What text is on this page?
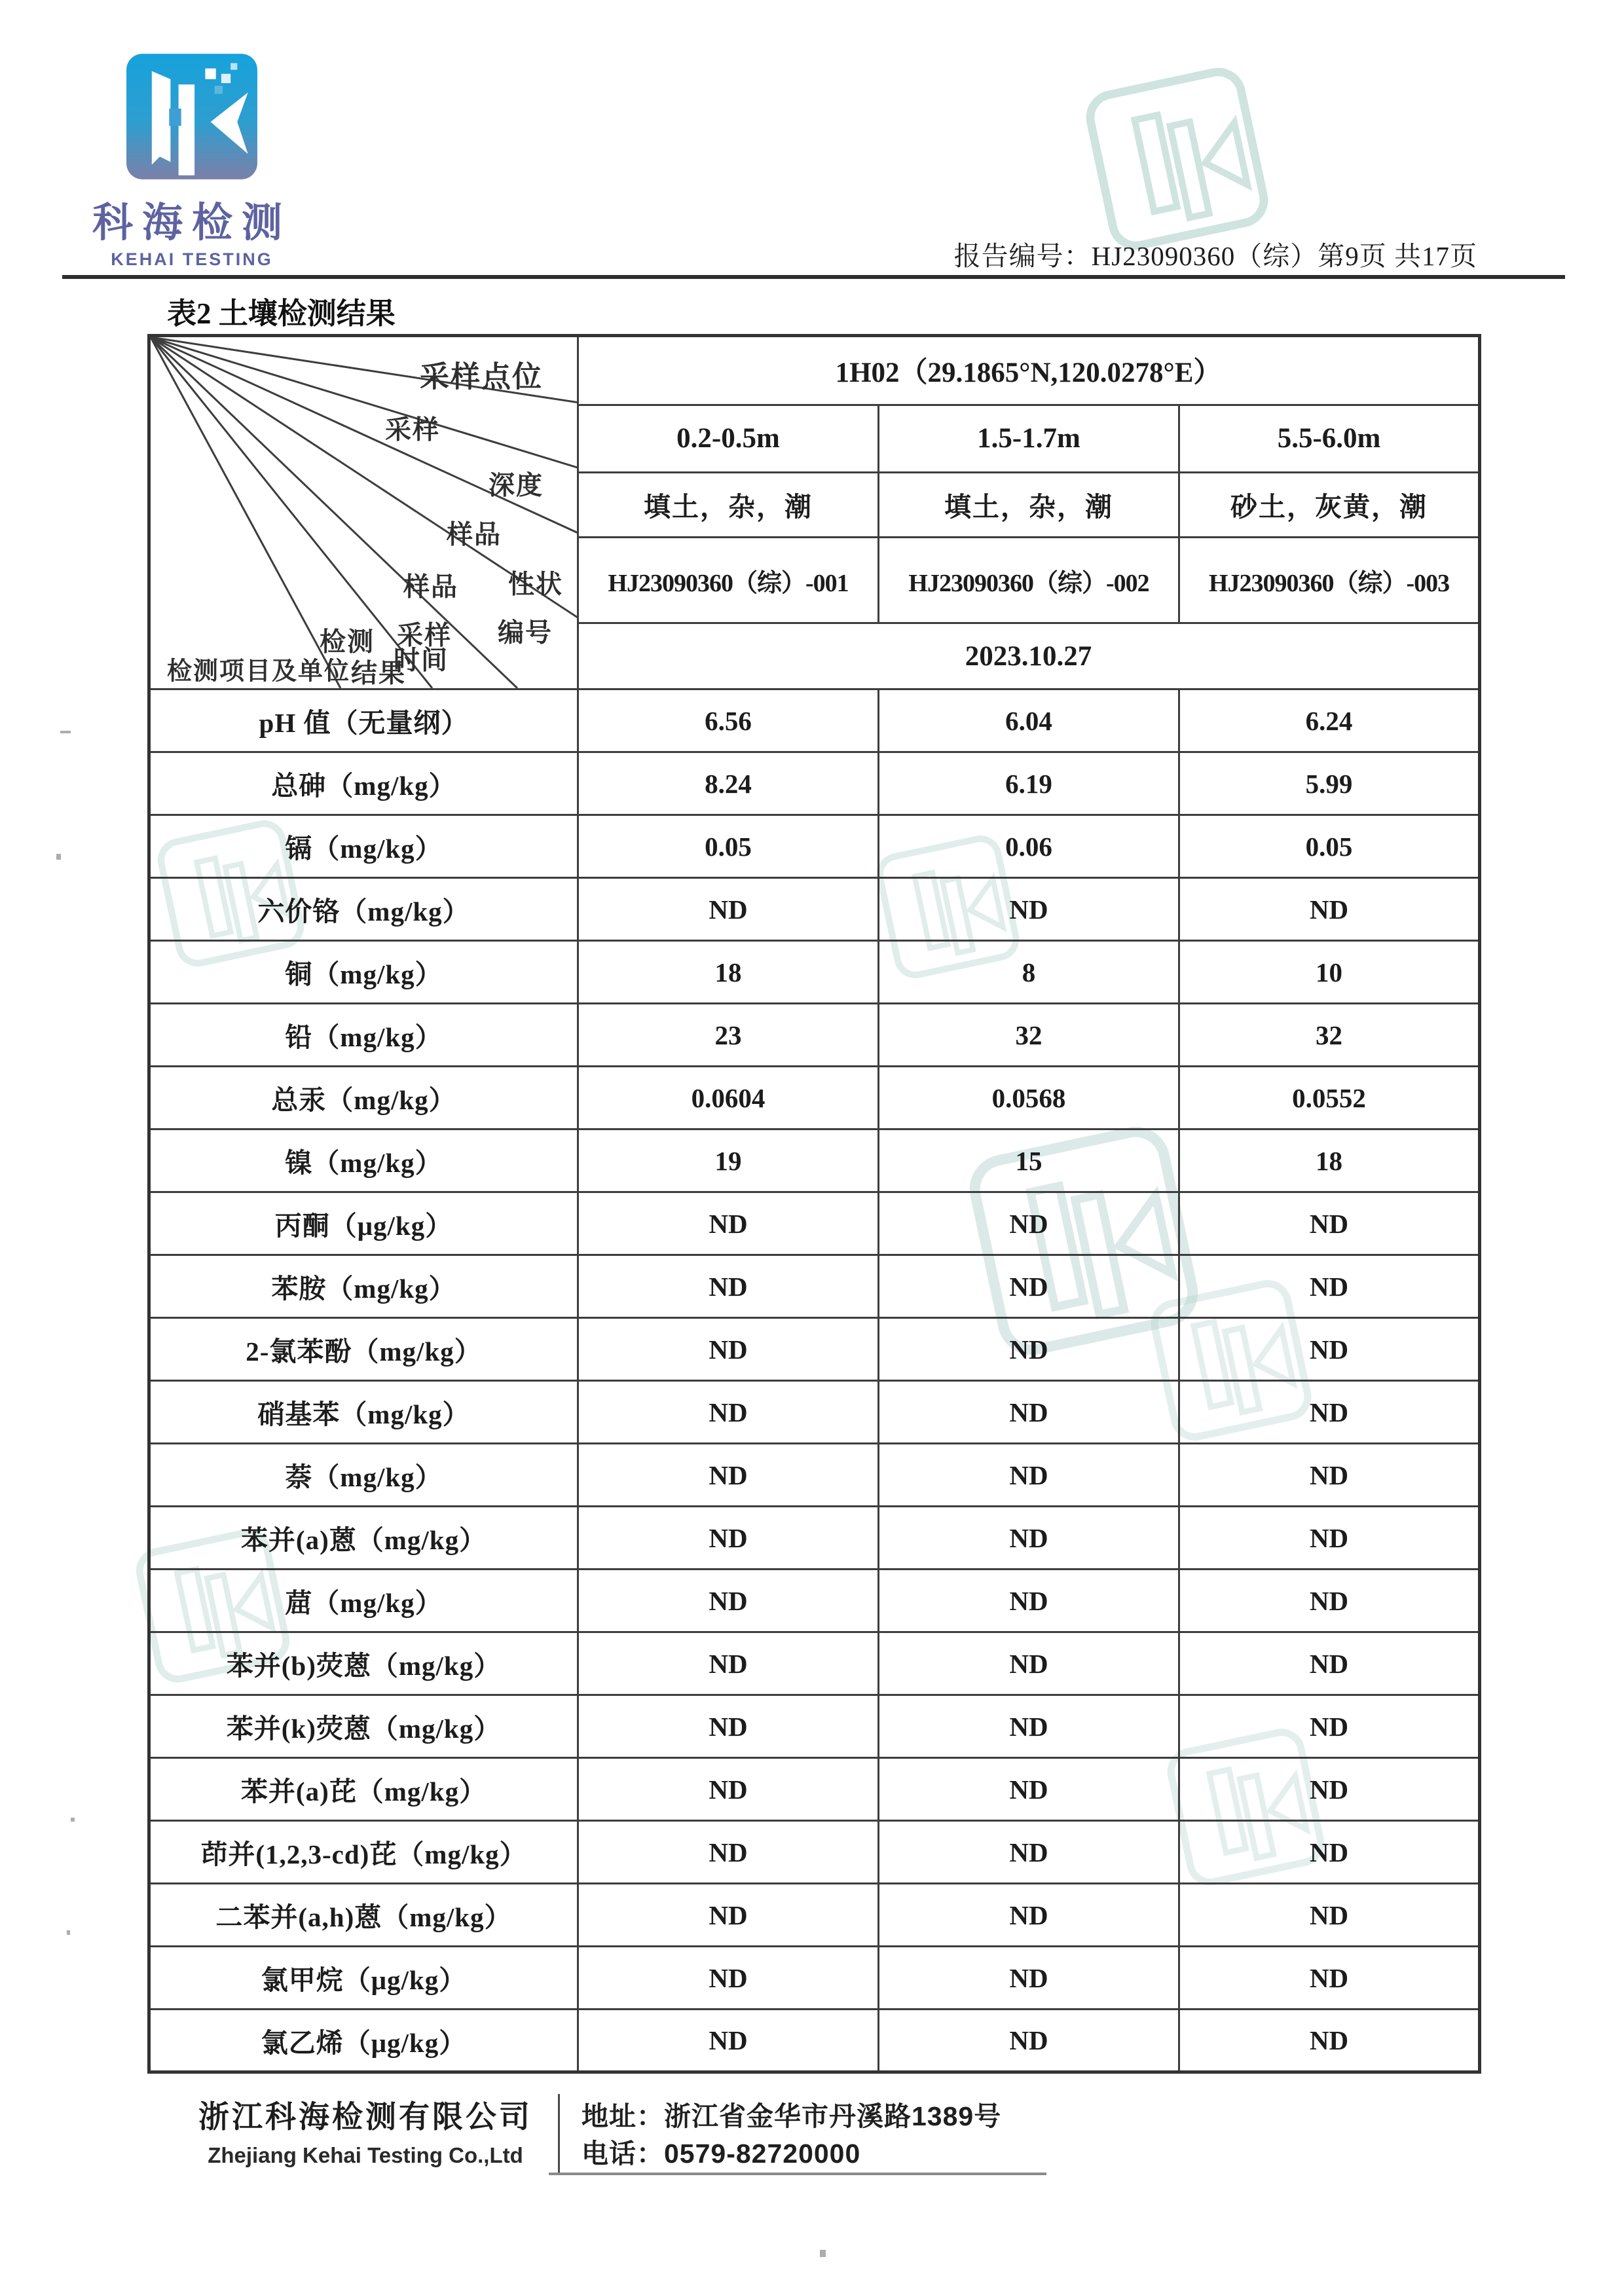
科海检测
KEHAI TESTING	报告编号：HJ23090360（综）第9页 共17页
表2 土壤检测结果
采样点位
采样
深度
样品
样品 性状
采样 编号
检测
时间
检测项目及单位 结果
	1H02（29.1865°N,120.0278°E）
	0.2-0.5m	1.5-1.7m	5.5-6.0m
	填土，杂，潮	填土，杂，潮	砂土，灰黄，潮
	HJ23090360（综）-001	HJ23090360（综）-002	HJ23090360（综）-003
	2023.10.27		
pH 值（无量纲）	6.56	6.04	6.24
总砷（mg/kg）	8.24	6.19	5.99
镉（mg/kg）	0.05	0.06	0.05
六价铬（mg/kg）	ND	ND	ND
铜（mg/kg）	18	8	10
铅（mg/kg）	23	32	32
总汞（mg/kg）	0.0604	0.0568	0.0552
镍（mg/kg）	19	15	18
丙酮（μg/kg）	ND	ND	ND
苯胺（mg/kg）	ND	ND	ND
2-氯苯酚（mg/kg）	ND	ND	ND
硝基苯（mg/kg）	ND	ND	ND
萘（mg/kg）	ND	ND	ND
苯并(a)蒽（mg/kg）	ND	ND	ND
䓛（mg/kg）	ND	ND	ND
苯并(b)荧蒽（mg/kg）	ND	ND	ND
苯并(k)荧蒽（mg/kg）	ND	ND	ND
苯并(a)芘（mg/kg）	ND	ND	ND
茚并(1,2,3-cd)芘（mg/kg）	ND	ND	ND
二苯并(a,h)蒽（mg/kg）	ND	ND	ND
氯甲烷（μg/kg）	ND	ND	ND
氯乙烯（μg/kg）	ND	ND	ND
浙江科海检测有限公司
Zhejiang Kehai Testing Co.,Ltd
地址：浙江省金华市丹溪路1389号
电话：0579-82720000
